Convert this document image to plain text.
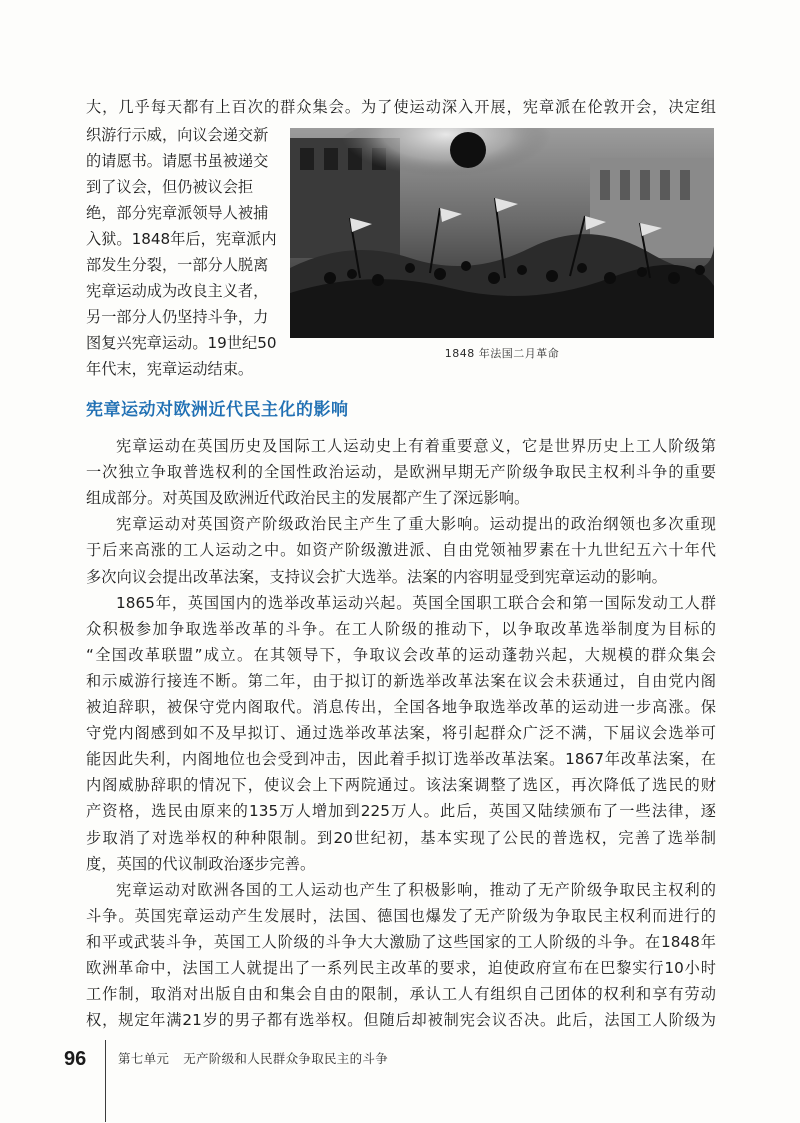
大，几乎每天都有上百次的群众集会。为了使运动深入开展，宪章派在伦敦开会，决定组
织游行示威，向议会递交新
的请愿书。请愿书虽被递交
到了议会，但仍被议会拒
绝，部分宪章派领导人被捕
入狱。1848年后，宪章派内
部发生分裂，一部分人脱离
宪章运动成为改良主义者，
另一部分人仍坚持斗争，力
图复兴宪章运动。19世纪50
年代末，宪章运动结束。
1848 年法国二月革命
宪章运动对欧洲近代民主化的影响
宪章运动在英国历史及国际工人运动史上有着重要意义，它是世界历史上工人阶级第
一次独立争取普选权利的全国性政治运动，是欧洲早期无产阶级争取民主权利斗争的重要
组成部分。对英国及欧洲近代政治民主的发展都产生了深远影响。
宪章运动对英国资产阶级政治民主产生了重大影响。运动提出的政治纲领也多次重现
于后来高涨的工人运动之中。如资产阶级激进派、自由党领袖罗素在十九世纪五六十年代
多次向议会提出改革法案，支持议会扩大选举。法案的内容明显受到宪章运动的影响。
1865年，英国国内的选举改革运动兴起。英国全国职工联合会和第一国际发动工人群
众积极参加争取选举改革的斗争。在工人阶级的推动下，以争取改革选举制度为目标的
“全国改革联盟”成立。在其领导下，争取议会改革的运动蓬勃兴起，大规模的群众集会
和示威游行接连不断。第二年，由于拟订的新选举改革法案在议会未获通过，自由党内阁
被迫辞职，被保守党内阁取代。消息传出，全国各地争取选举改革的运动进一步高涨。保
守党内阁感到如不及早拟订、通过选举改革法案，将引起群众广泛不满，下届议会选举可
能因此失利，内阁地位也会受到冲击，因此着手拟订选举改革法案。1867年改革法案，在
内阁威胁辞职的情况下，使议会上下两院通过。该法案调整了选区，再次降低了选民的财
产资格，选民由原来的135万人增加到225万人。此后，英国又陆续颁布了一些法律，逐
步取消了对选举权的种种限制。到20世纪初，基本实现了公民的普选权，完善了选举制
度，英国的代议制政治逐步完善。
宪章运动对欧洲各国的工人运动也产生了积极影响，推动了无产阶级争取民主权利的
斗争。英国宪章运动产生发展时，法国、德国也爆发了无产阶级为争取民主权利而进行的
和平或武装斗争，英国工人阶级的斗争大大激励了这些国家的工人阶级的斗争。在1848年
欧洲革命中，法国工人就提出了一系列民主改革的要求，迫使政府宣布在巴黎实行10小时
工作制，取消对出版自由和集会自由的限制，承认工人有组织自己团体的权利和享有劳动
权，规定年满21岁的男子都有选举权。但随后却被制宪会议否决。此后，法国工人阶级为
96	第七单元 无产阶级和人民群众争取民主的斗争
